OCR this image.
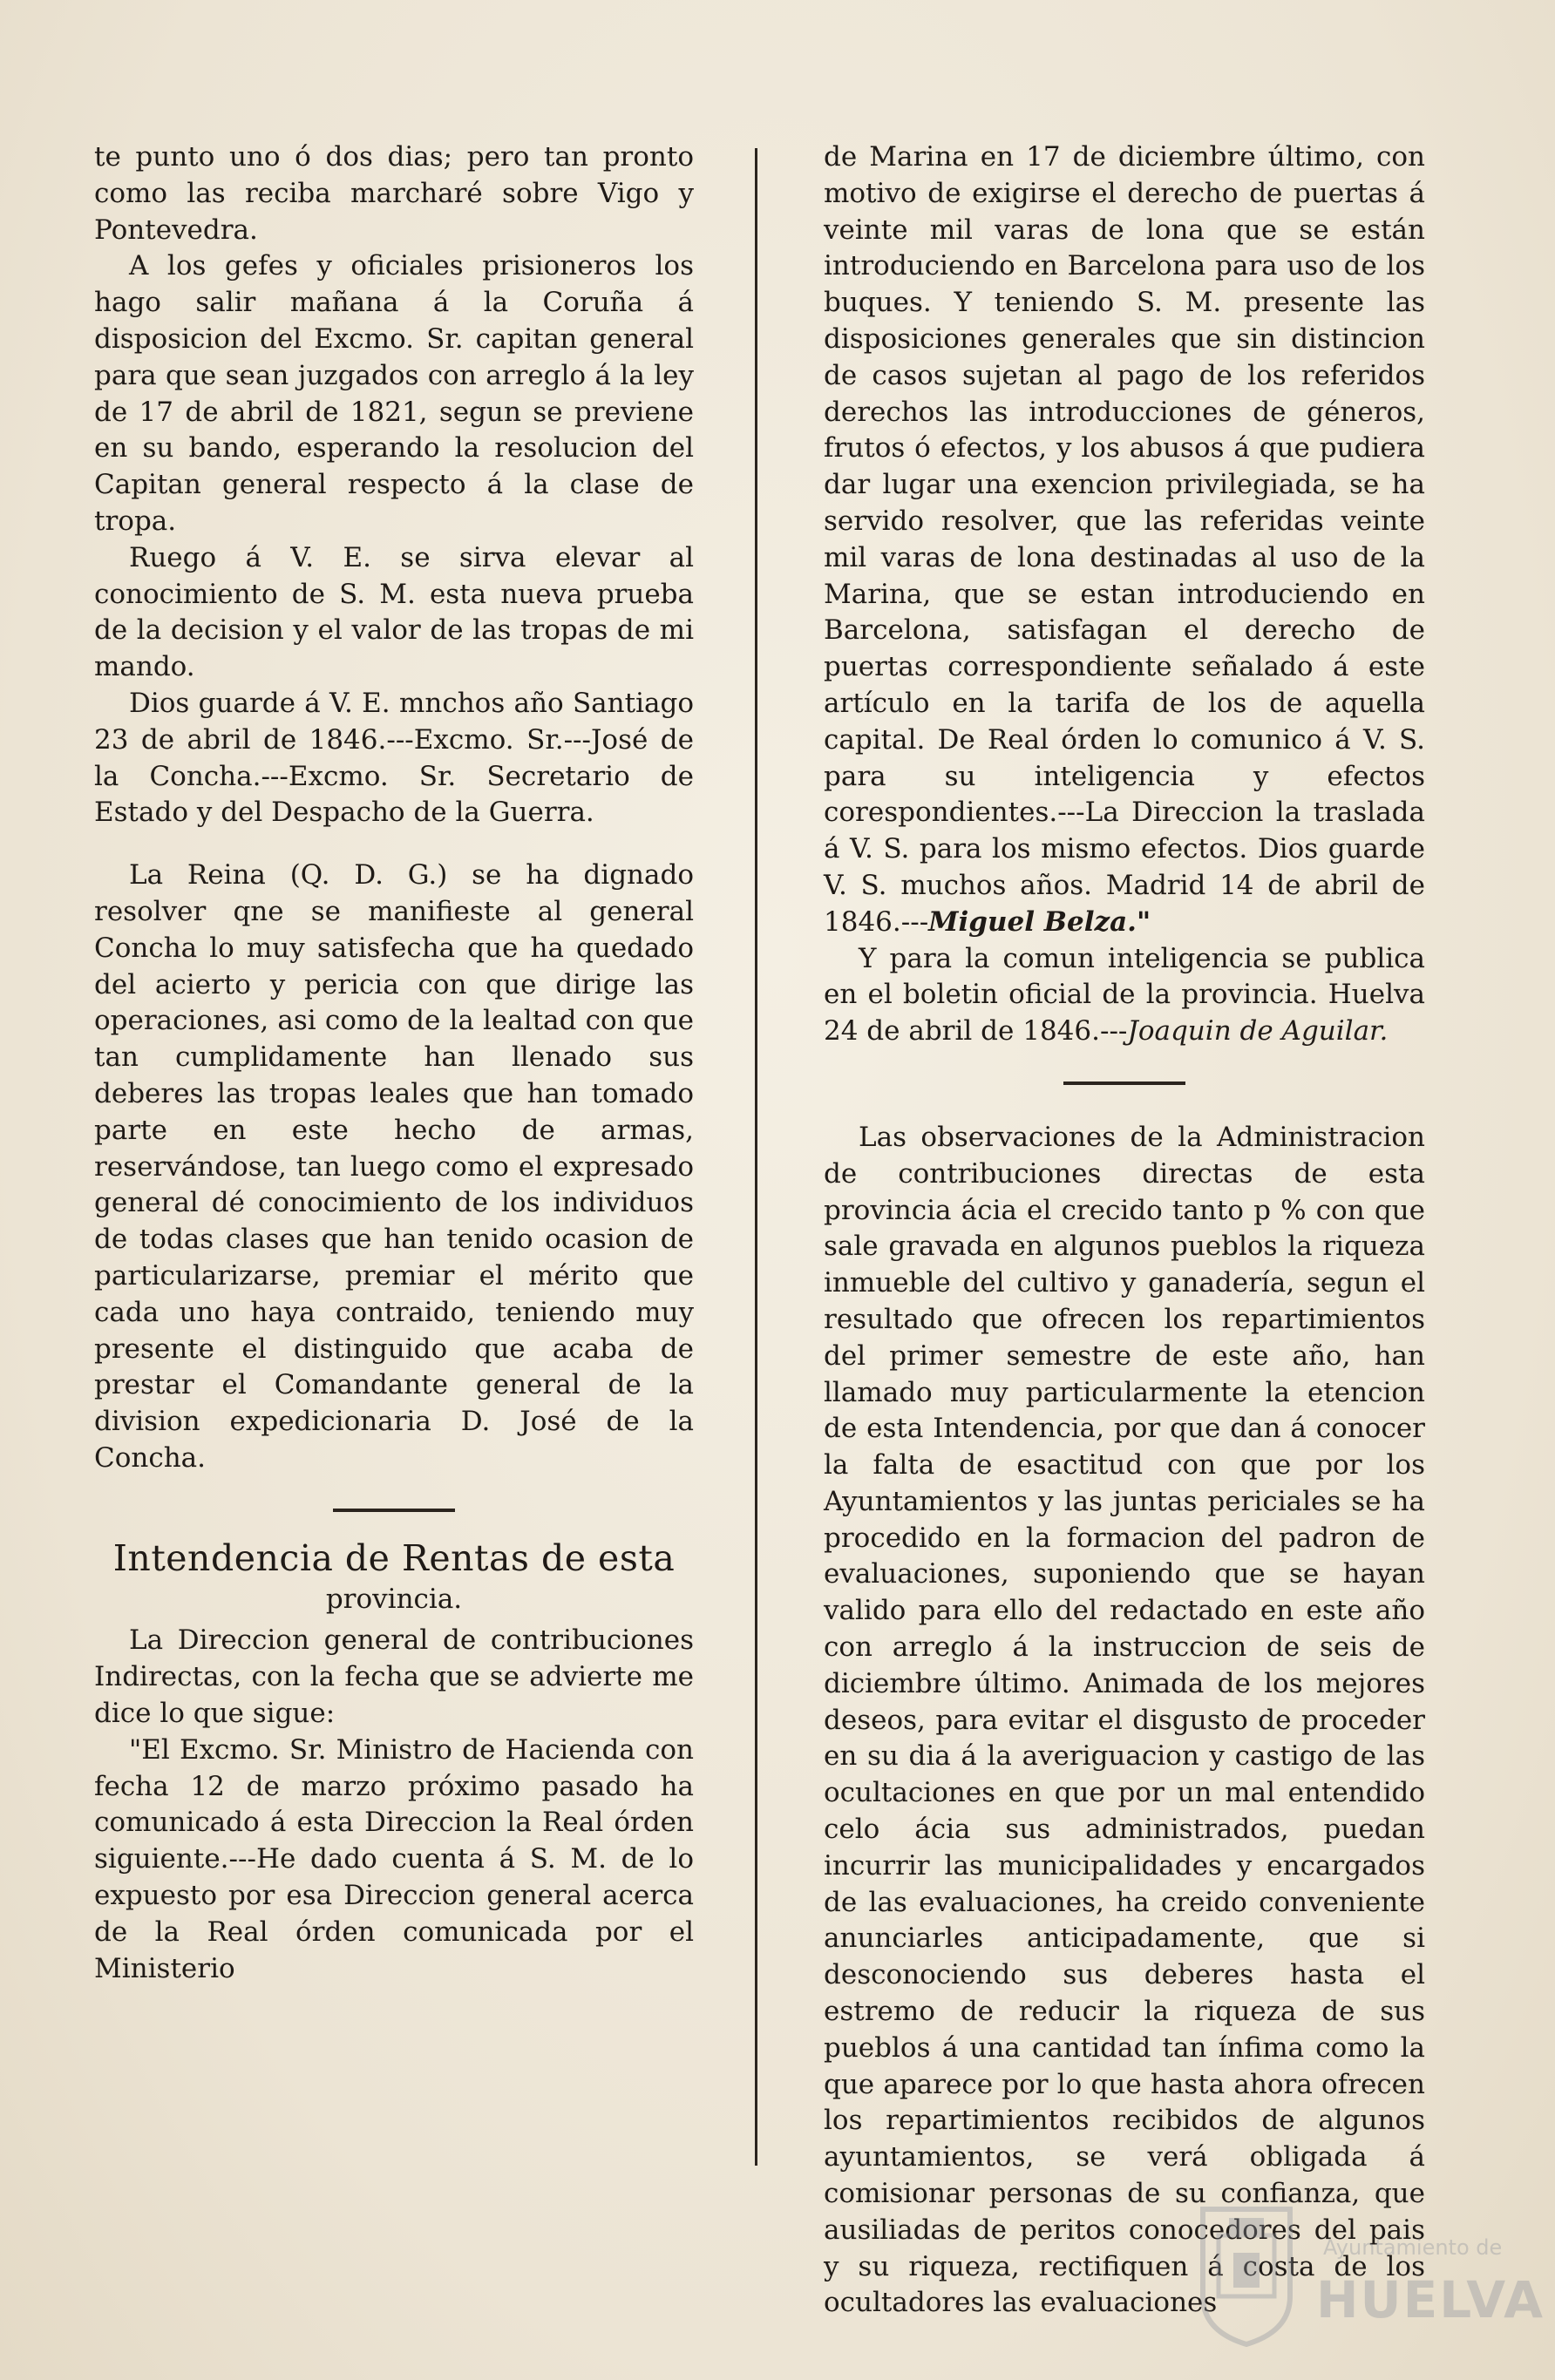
te punto uno ó dos dias; pero tan pronto como las reciba marcharé sobre Vigo y Pontevedra.

A los gefes y oficiales prisioneros los hago salir mañana á la Coruña á disposicion del Excmo. Sr. capitan general para que sean juzgados con arreglo á la ley de 17 de abril de 1821, segun se previene en su bando, esperando la resolucion del Capitan general respecto á la clase de tropa.

Ruego á V. E. se sirva elevar al conocimiento de S. M. esta nueva prueba de la decision y el valor de las tropas de mi mando.

Dios guarde á V. E. mnchos año Santiago 23 de abril de 1846.---Excmo. Sr.---José de la Concha.---Excmo. Sr. Secretario de Estado y del Despacho de la Guerra.

La Reina (Q. D. G.) se ha dignado resolver qne se manifieste al general Concha lo muy satisfecha que ha quedado del acierto y pericia con que dirige las operaciones, asi como de la lealtad con que tan cumplidamente han llenado sus deberes las tropas leales que han tomado parte en este hecho de armas, reservándose, tan luego como el expresado general dé conocimiento de los individuos de todas clases que han tenido ocasion de particularizarse, premiar el mérito que cada uno haya contraido, teniendo muy presente el distinguido que acaba de prestar el Comandante general de la division expedicionaria D. José de la Concha.

Intendencia de Rentas de esta
provincia.

La Direccion general de contribuciones Indirectas, con la fecha que se advierte me dice lo que sigue:

"El Excmo. Sr. Ministro de Hacienda con fecha 12 de marzo próximo pasado ha comunicado á esta Direccion la Real órden siguiente.---He dado cuenta á S. M. de lo expuesto por esa Direccion general acerca de la Real órden comunicada por el Ministerio

de Marina en 17 de diciembre último, con motivo de exigirse el derecho de puertas á veinte mil varas de lona que se están introduciendo en Barcelona para uso de los buques. Y teniendo S. M. presente las disposiciones generales que sin distincion de casos sujetan al pago de los referidos derechos las introducciones de géneros, frutos ó efectos, y los abusos á que pudiera dar lugar una exencion privilegiada, se ha servido resolver, que las referidas veinte mil varas de lona destinadas al uso de la Marina, que se estan introduciendo en Barcelona, satisfagan el derecho de puertas correspondiente señalado á este artículo en la tarifa de los de aquella capital. De Real órden lo comunico á V. S. para su inteligencia y efectos corespondientes.---La Direccion la traslada á V. S. para los mismo efectos. Dios guarde V. S. muchos años. Madrid 14 de abril de 1846.---Miguel Belza."

Y para la comun inteligencia se publica en el boletin oficial de la provincia. Huelva 24 de abril de 1846.---Joaquin de Aguilar.

Las observaciones de la Administracion de contribuciones directas de esta provincia ácia el crecido tanto p % con que sale gravada en algunos pueblos la riqueza inmueble del cultivo y ganadería, segun el resultado que ofrecen los repartimientos del primer semestre de este año, han llamado muy particularmente la etencion de esta Intendencia, por que dan á conocer la falta de esactitud con que por los Ayuntamientos y las juntas periciales se ha procedido en la formacion del padron de evaluaciones, suponiendo que se hayan valido para ello del redactado en este año con arreglo á la instruccion de seis de diciembre último. Animada de los mejores deseos, para evitar el disgusto de proceder en su dia á la averiguacion y castigo de las ocultaciones en que por un mal entendido celo ácia sus administrados, puedan incurrir las municipalidades y encargados de las evaluaciones, ha creido conveniente anunciarles anticipadamente, que si desconociendo sus deberes hasta el estremo de reducir la riqueza de sus pueblos á una cantidad tan ínfima como la que aparece por lo que hasta ahora ofrecen los repartimientos recibidos de algunos ayuntamientos, se verá obligada á comisionar personas de su confianza, que ausiliadas de peritos conocedores del pais y su riqueza, rectifiquen á costa de los ocultadores las evaluaciones

Ayuntamiento de
HUELVA
